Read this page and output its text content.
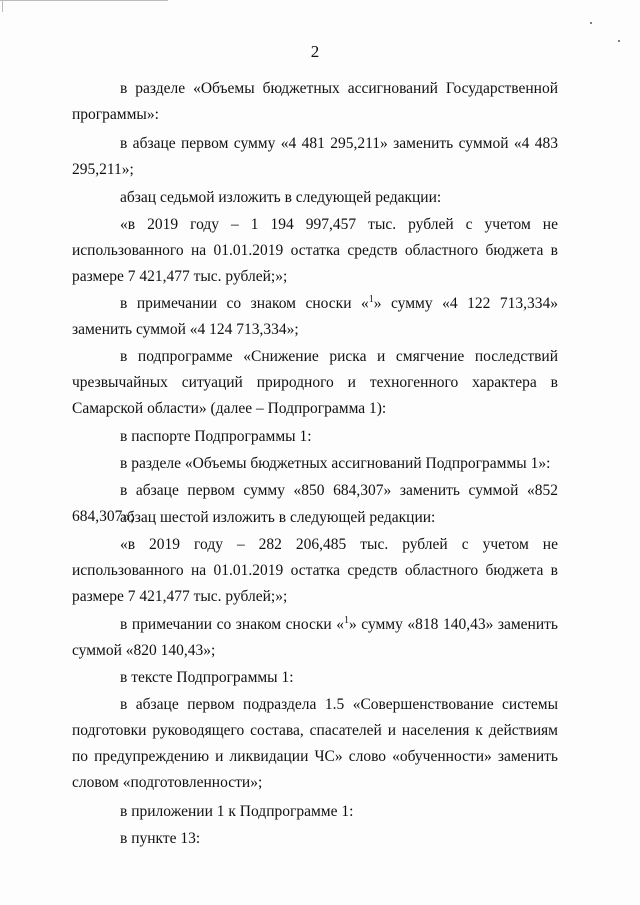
2
в разделе «Объемы бюджетных ассигнований Государственной программы»:
в абзаце первом сумму «4 481 295,211» заменить суммой «4 483 295,211»;
абзац седьмой изложить в следующей редакции:
«в 2019 году – 1 194 997,457 тыс. рублей с учетом не использованного на 01.01.2019 остатка средств областного бюджета в размере 7 421,477 тыс. рублей;»;
в примечании со знаком сноски «$^1$» сумму «4 122 713,334» заменить суммой «4 124 713,334»;
в подпрограмме «Снижение риска и смягчение последствий чрезвычайных ситуаций природного и техногенного характера в Самарской области» (далее – Подпрограмма 1):
в паспорте Подпрограммы 1:
в разделе «Объемы бюджетных ассигнований Подпрограммы 1»:
в абзаце первом сумму «850 684,307» заменить суммой «852 684,307»;
абзац шестой изложить в следующей редакции:
«в 2019 году – 282 206,485 тыс. рублей с учетом не использованного на 01.01.2019 остатка средств областного бюджета в размере 7 421,477 тыс. рублей;»;
в примечании со знаком сноски «$^1$» сумму «818 140,43» заменить суммой «820 140,43»;
в тексте Подпрограммы 1:
в абзаце первом подраздела 1.5 «Совершенствование системы подготовки руководящего состава, спасателей и населения к действиям по предупреждению и ликвидации ЧС» слово «обученности» заменить словом «подготовленности»;
в приложении 1 к Подпрограмме 1:
в пункте 13:
